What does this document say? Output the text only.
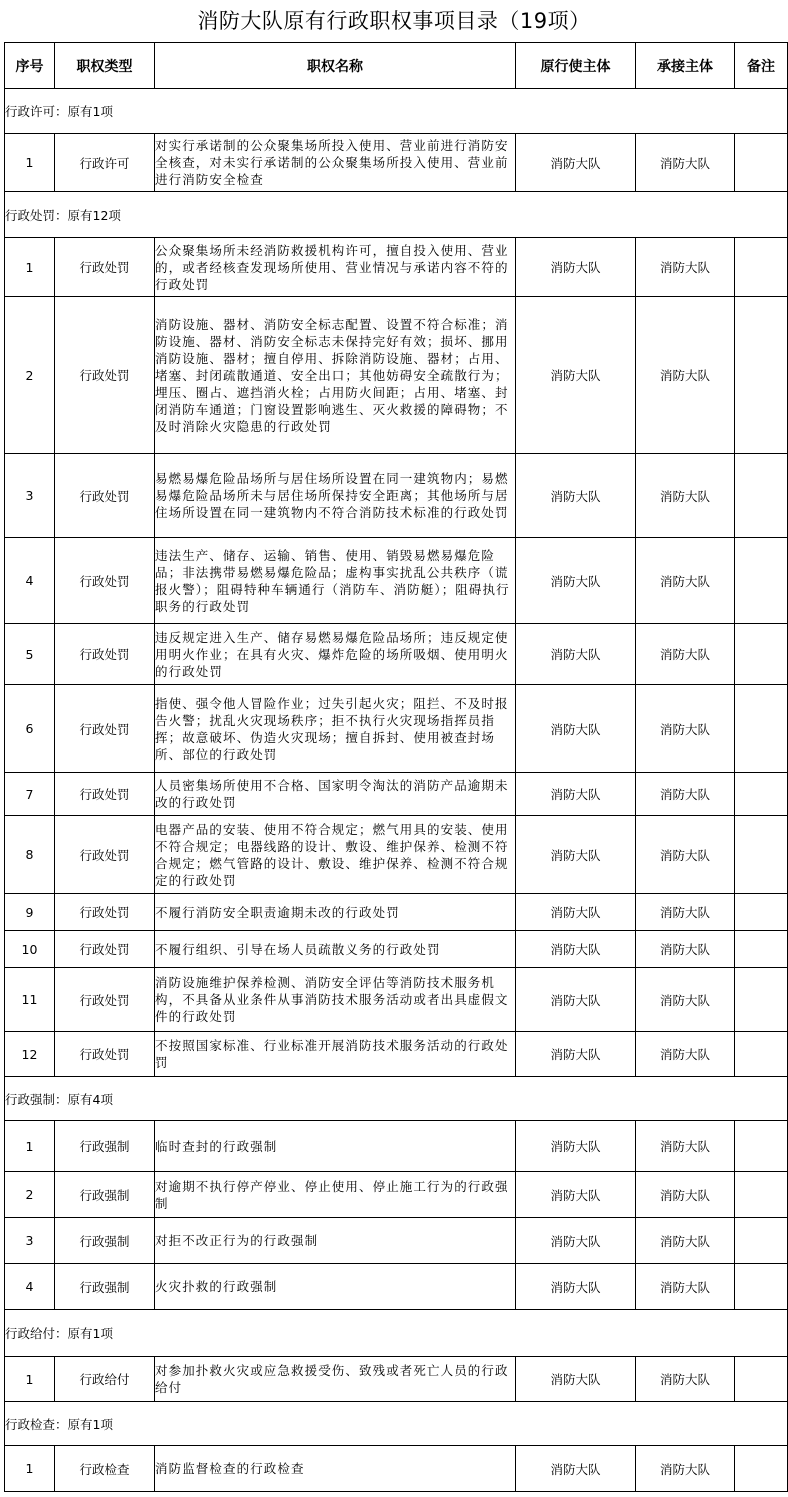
消防大队原有行政职权事项目录（19项）
序号	职权类型	职权名称	原行使主体	承接主体	备注
行政许可：原有1项					
1	行政许可	对实行承诺制的公众聚集场所投入使用、营业前进行消防安全核查，对未实行承诺制的公众聚集场所投入使用、营业前进行消防安全检查	消防大队	消防大队	
行政处罚：原有12项					
1	行政处罚	公众聚集场所未经消防救援机构许可，擅自投入使用、营业的，或者经核查发现场所使用、营业情况与承诺内容不符的行政处罚	消防大队	消防大队	
2	行政处罚	消防设施、器材、消防安全标志配置、设置不符合标准；消防设施、器材、消防安全标志未保持完好有效；损坏、挪用消防设施、器材；擅自停用、拆除消防设施、器材；占用、堵塞、封闭疏散通道、安全出口；其他妨碍安全疏散行为；埋压、圈占、遮挡消火栓；占用防火间距；占用、堵塞、封闭消防车通道；门窗设置影响逃生、灭火救援的障碍物；不及时消除火灾隐患的行政处罚	消防大队	消防大队	
3	行政处罚	易燃易爆危险品场所与居住场所设置在同一建筑物内；易燃易爆危险品场所未与居住场所保持安全距离；其他场所与居住场所设置在同一建筑物内不符合消防技术标准的行政处罚	消防大队	消防大队	
4	行政处罚	违法生产、储存、运输、销售、使用、销毁易燃易爆危险品；非法携带易燃易爆危险品；虚构事实扰乱公共秩序（谎报火警）；阻碍特种车辆通行（消防车、消防艇）；阻碍执行职务的行政处罚	消防大队	消防大队	
5	行政处罚	违反规定进入生产、储存易燃易爆危险品场所；违反规定使用明火作业；在具有火灾、爆炸危险的场所吸烟、使用明火的行政处罚	消防大队	消防大队	
6	行政处罚	指使、强令他人冒险作业；过失引起火灾；阻拦、不及时报告火警；扰乱火灾现场秩序；拒不执行火灾现场指挥员指挥；故意破坏、伪造火灾现场；擅自拆封、使用被查封场所、部位的行政处罚	消防大队	消防大队	
7	行政处罚	人员密集场所使用不合格、国家明令淘汰的消防产品逾期未改的行政处罚	消防大队	消防大队	
8	行政处罚	电器产品的安装、使用不符合规定；燃气用具的安装、使用不符合规定；电器线路的设计、敷设、维护保养、检测不符合规定；燃气管路的设计、敷设、维护保养、检测不符合规定的行政处罚	消防大队	消防大队	
9	行政处罚	不履行消防安全职责逾期未改的行政处罚	消防大队	消防大队	
10	行政处罚	不履行组织、引导在场人员疏散义务的行政处罚	消防大队	消防大队	
11	行政处罚	消防设施维护保养检测、消防安全评估等消防技术服务机构，不具备从业条件从事消防技术服务活动或者出具虚假文件的行政处罚	消防大队	消防大队	
12	行政处罚	不按照国家标准、行业标准开展消防技术服务活动的行政处罚	消防大队	消防大队	
行政强制：原有4项					
1	行政强制	临时查封的行政强制	消防大队	消防大队	
2	行政强制	对逾期不执行停产停业、停止使用、停止施工行为的行政强制	消防大队	消防大队	
3	行政强制	对拒不改正行为的行政强制	消防大队	消防大队	
4	行政强制	火灾扑救的行政强制	消防大队	消防大队	
行政给付：原有1项					
1	行政给付	对参加扑救火灾或应急救援受伤、致残或者死亡人员的行政给付	消防大队	消防大队	
行政检查：原有1项					
1	行政检查	消防监督检查的行政检查	消防大队	消防大队	
